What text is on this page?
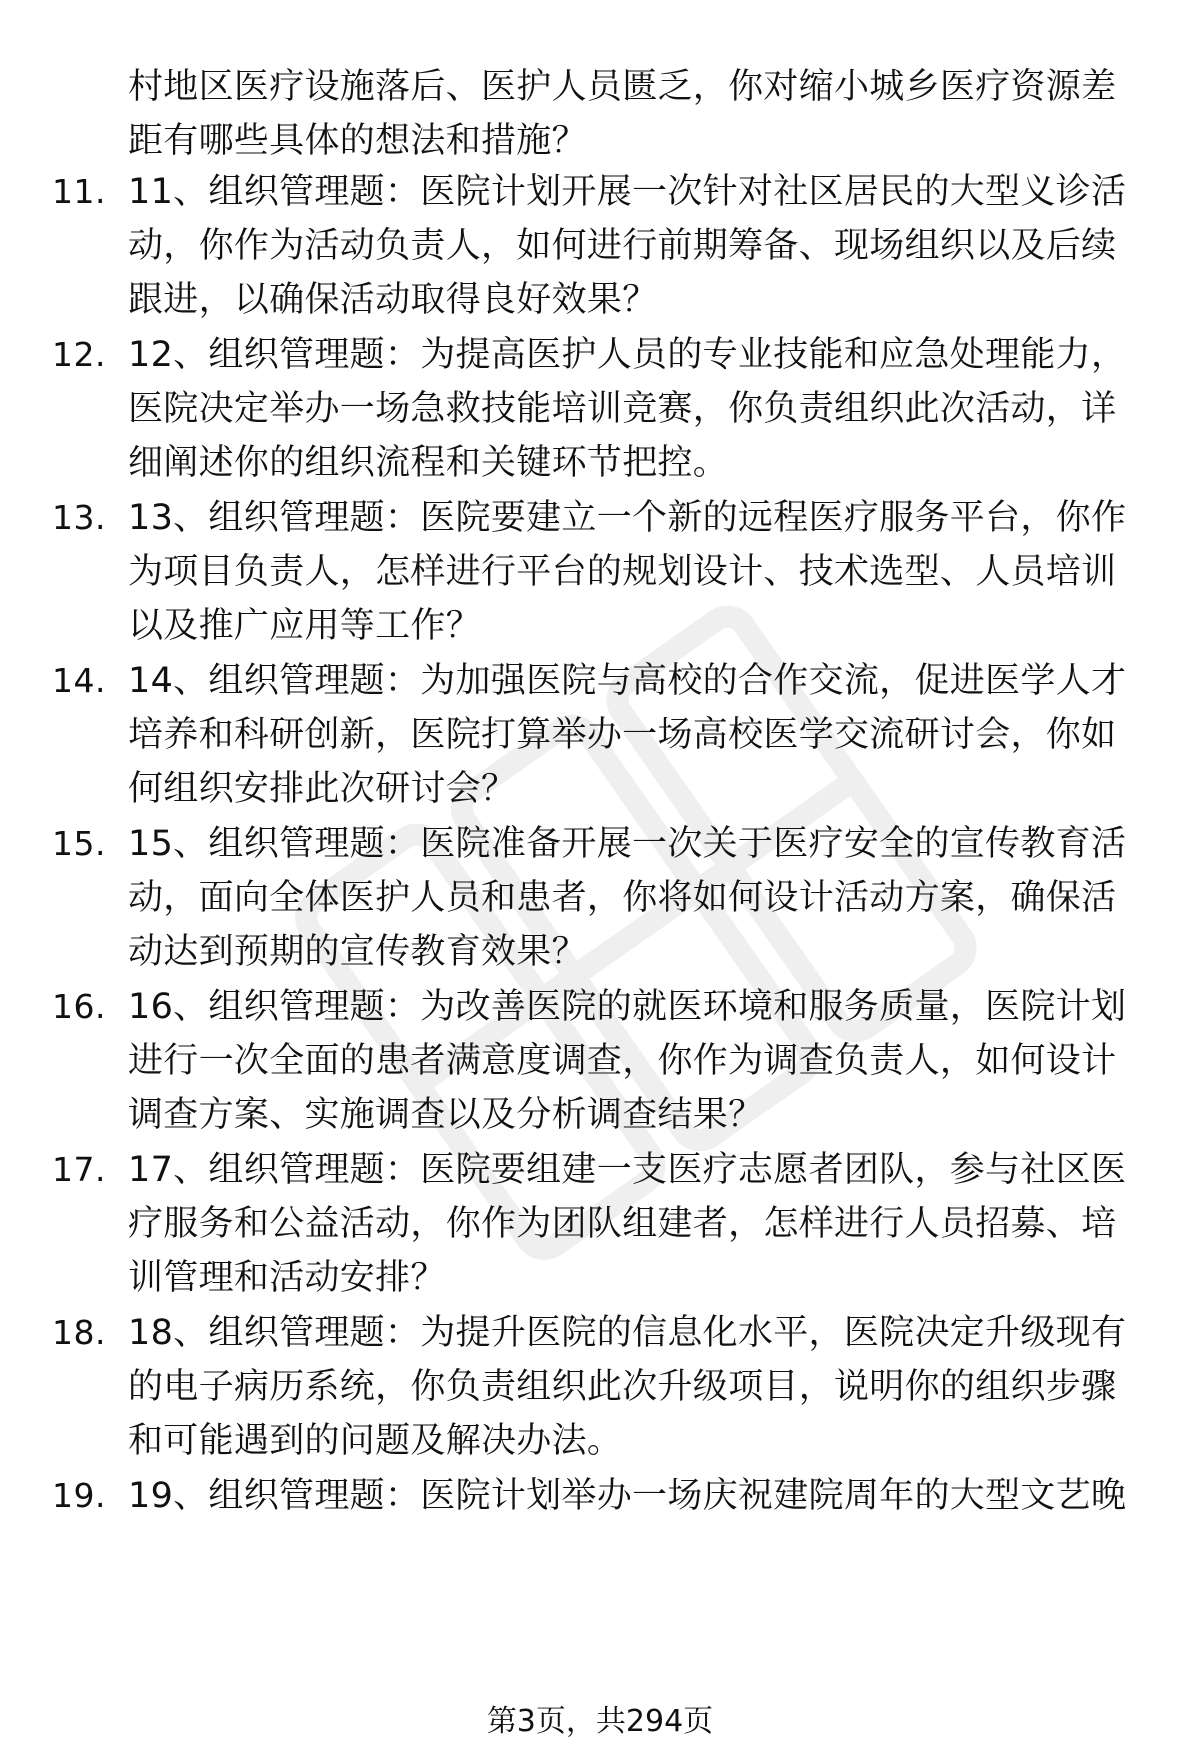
村地区医疗设施落后、医护人员匮乏，你对缩小城乡医疗资源差距有哪些具体的想法和措施？
11. 11、组织管理题：医院计划开展一次针对社区居民的大型义诊活动，你作为活动负责人，如何进行前期筹备、现场组织以及后续跟进，以确保活动取得良好效果？
12. 12、组织管理题：为提高医护人员的专业技能和应急处理能力，医院决定举办一场急救技能培训竞赛，你负责组织此次活动，详细阐述你的组织流程和关键环节把控。
13. 13、组织管理题：医院要建立一个新的远程医疗服务平台，你作为项目负责人，怎样进行平台的规划设计、技术选型、人员培训以及推广应用等工作？
14. 14、组织管理题：为加强医院与高校的合作交流，促进医学人才培养和科研创新，医院打算举办一场高校医学交流研讨会，你如何组织安排此次研讨会？
15. 15、组织管理题：医院准备开展一次关于医疗安全的宣传教育活动，面向全体医护人员和患者，你将如何设计活动方案，确保活动达到预期的宣传教育效果？
16. 16、组织管理题：为改善医院的就医环境和服务质量，医院计划进行一次全面的患者满意度调查，你作为调查负责人，如何设计调查方案、实施调查以及分析调查结果？
17. 17、组织管理题：医院要组建一支医疗志愿者团队，参与社区医疗服务和公益活动，你作为团队组建者，怎样进行人员招募、培训管理和活动安排？
18. 18、组织管理题：为提升医院的信息化水平，医院决定升级现有的电子病历系统，你负责组织此次升级项目，说明你的组织步骤和可能遇到的问题及解决办法。
19. 19、组织管理题：医院计划举办一场庆祝建院周年的大型文艺晚
第3页，共294页
